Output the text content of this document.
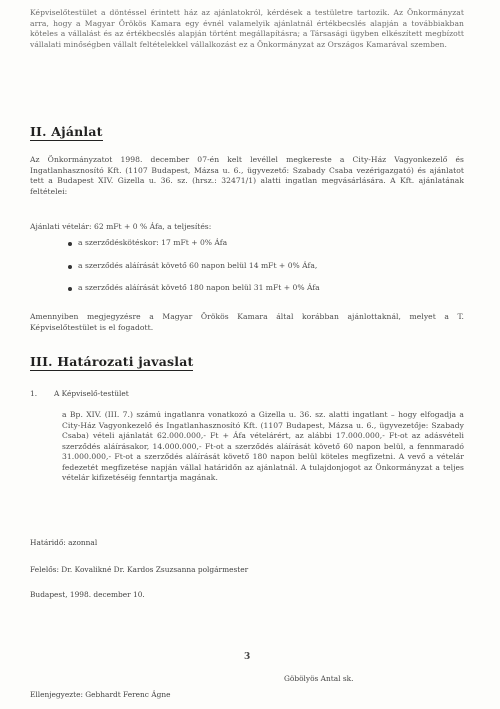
Képviselőtestület a döntéssel érintett ház az ajánlatokról, kérdések a testületre tartozik. Az Önkormányzat arra, hogy a Magyar Örökös Kamara egy évnél valamelyik ajánlatnál értékbecslés alapján a továbbiakban köteles a vállalást és az értékbecslés alapján történt megállapításra; a Társasági ügyben elkészített megbízott vállalati minőségben vállalt feltételekkel vállalkozást ez a Önkormányzat az Országos Kamarával szemben.
II. Ajánlat
Az Önkormányzatot 1998. december 07-én kelt levéllel megkereste a City-Ház Vagyonkezelő és Ingatlanhasznosító Kft. (1107 Budapest, Mázsa u. 6., ügyvezető: Szabady Csaba vezérigazgató) és ajánlatot tett a Budapest XIV. Gizella u. 36. sz. (hrsz.: 32471/1) alatti ingatlan megvásárlására. A Kft. ajánlatának feltételei:
Ajánlati vételár: 62 mFt + 0 % Áfa, a teljesítés:
a szerződéskötéskor: 17 mFt + 0% Áfa
a szerződés aláírását követő 60 napon belül 14 mFt + 0% Áfa,
a szerződés aláírását követő 180 napon belül 31 mFt + 0% Áfa
Amennyiben megjegyzésre a Magyar Örökös Kamara által korábban ajánlottaknál, melyet a T. Képviselőtestület is el fogadott.
III. Határozati javaslat
1. A Képviselő-testület
a Bp. XIV. (III. 7.) számú ingatlanra vonatkozó a Gizella u. 36. sz. alatti ingatlant – hogy elfogadja a City-Ház Vagyonkezelő és Ingatlanhasznosító Kft. (1107 Budapest, Mázsa u. 6., ügyvezetője: Szabady Csaba) vételi ajánlatát 62.000.000,- Ft + Áfa vételárért, az alábbi 17.000.000,- Ft-ot az adásvételi szerződés aláírásakor, 14.000.000,- Ft-ot a szerződés aláírását követő 60 napon belül, a fennmaradó 31.000.000,- Ft-ot a szerződés aláírását követő 180 napon belül köteles megfizetni. A vevő a vételár fedezetét megfizetése napján vállal határidőn az ajánlatnál. A tulajdonjogot az Önkormányzat a teljes vételár kifizetéséig fenntartja magának.
Határidő: azonnal
Felelős: Dr. Kovalikné Dr. Kardos Zsuzsanna polgármester
Budapest, 1998. december 10.
3
Göbölyös Antal sk.
Ellenjegyezte: Gebhardt Ferenc Ágne
